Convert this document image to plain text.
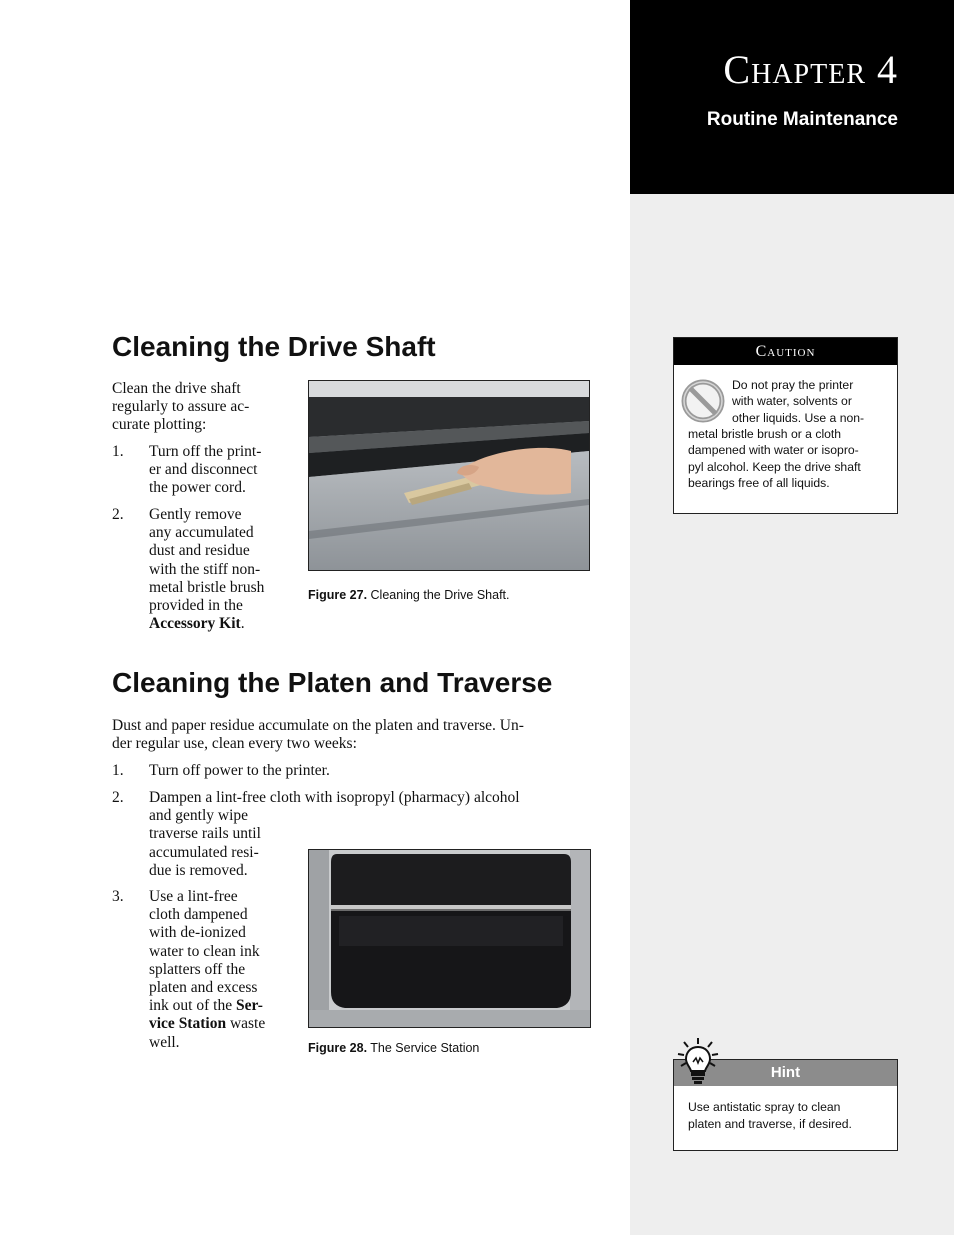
Chapter 4
Routine Maintenance
Cleaning the Drive Shaft
Clean the drive shaft
regularly to assure ac-
curate plotting:
1. Turn off the print-
er and disconnect
the power cord.
2. Gently remove
any accumulated
dust and residue
with the stiff non-
metal bristle brush
provided in the
Accessory Kit.
Figure 27. Cleaning the Drive Shaft.
Cleaning the Platen and Traverse
Dust and paper residue accumulate on the platen and traverse. Un-
der regular use, clean every two weeks:
1. Turn off power to the printer.
2. Dampen a lint-free cloth with isopropyl (pharmacy) alcohol
and gently wipe
traverse rails until
accumulated resi-
due is removed.
3. Use a lint-free
cloth dampened
with de-ionized
water to clean ink
splatters off the
platen and excess
ink out of the Ser-
vice Station waste
well.	Figure 28. The Service Station
Caution
Do not pray the printer
with water, solvents or
other liquids. Use a non-
metal bristle brush or a cloth
dampened with water or isopro-
pyl alcohol. Keep the drive shaft
bearings free of all liquids.
Hint
Use antistatic spray to clean
platen and traverse, if desired.
